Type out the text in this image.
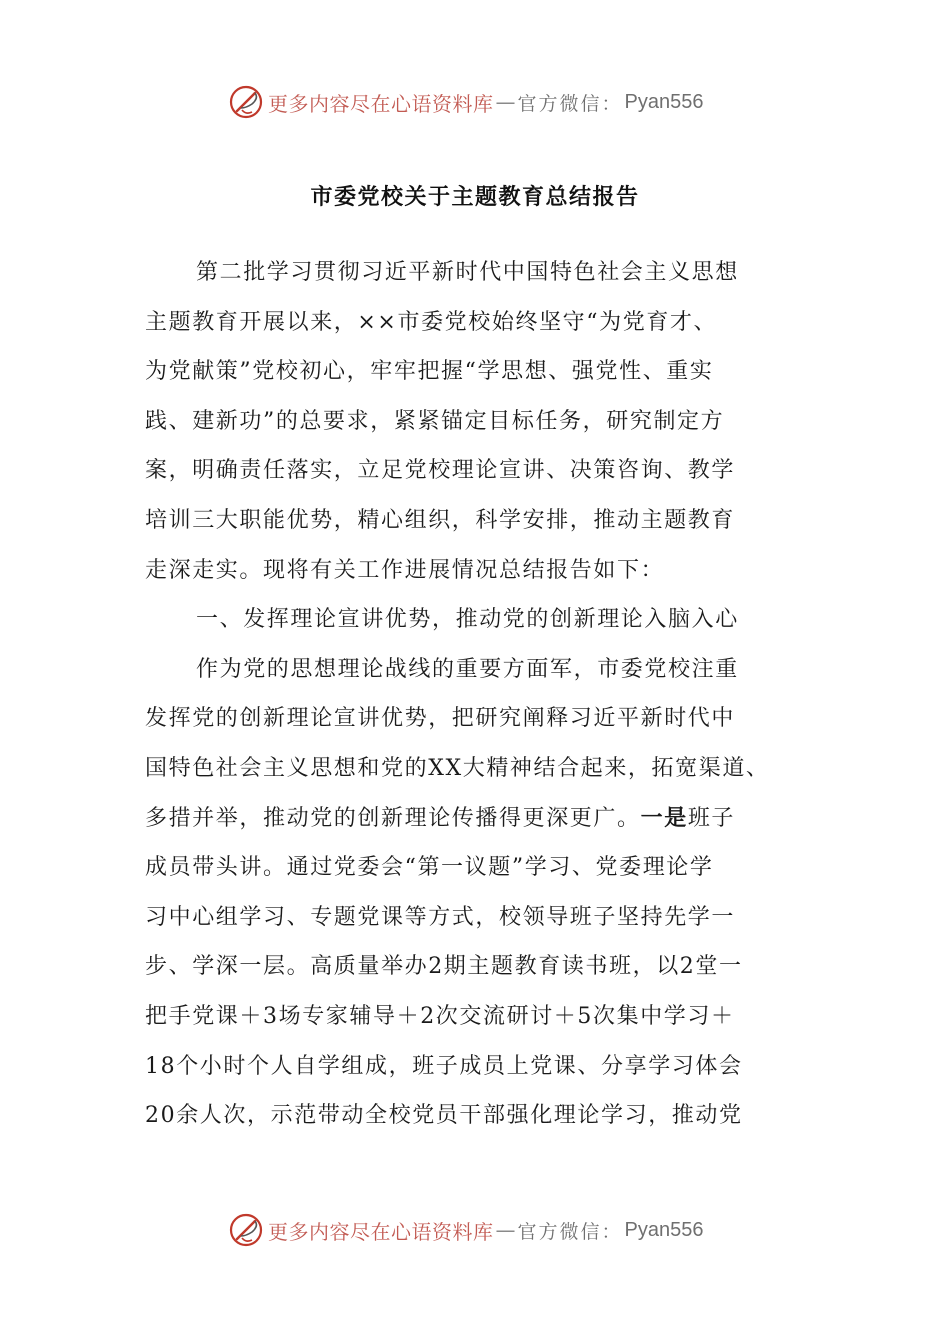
更多内容尽在心语资料库 — 官方微信： Pyan556
市委党校关于主题教育总结报告
第二批学习贯彻习近平新时代中国特色社会主义思想
主题教育开展以来，××市委党校始终坚守“为党育才、
为党献策”党校初心，牢牢把握“学思想、强党性、重实
践、建新功”的总要求，紧紧锚定目标任务，研究制定方
案，明确责任落实，立足党校理论宣讲、决策咨询、教学
培训三大职能优势，精心组织，科学安排，推动主题教育
走深走实。现将有关工作进展情况总结报告如下：
一、发挥理论宣讲优势，推动党的创新理论入脑入心
作为党的思想理论战线的重要方面军，市委党校注重
发挥党的创新理论宣讲优势，把研究阐释习近平新时代中
国特色社会主义思想和党的XX大精神结合起来，拓宽渠道、
多措并举，推动党的创新理论传播得更深更广。一是班子
成员带头讲。通过党委会“第一议题”学习、党委理论学
习中心组学习、专题党课等方式，校领导班子坚持先学一
步、学深一层。高质量举办2期主题教育读书班，以2堂一
把手党课＋3场专家辅导＋2次交流研讨＋5次集中学习＋
18个小时个人自学组成，班子成员上党课、分享学习体会
20余人次，示范带动全校党员干部强化理论学习，推动党
更多内容尽在心语资料库 — 官方微信： Pyan556
